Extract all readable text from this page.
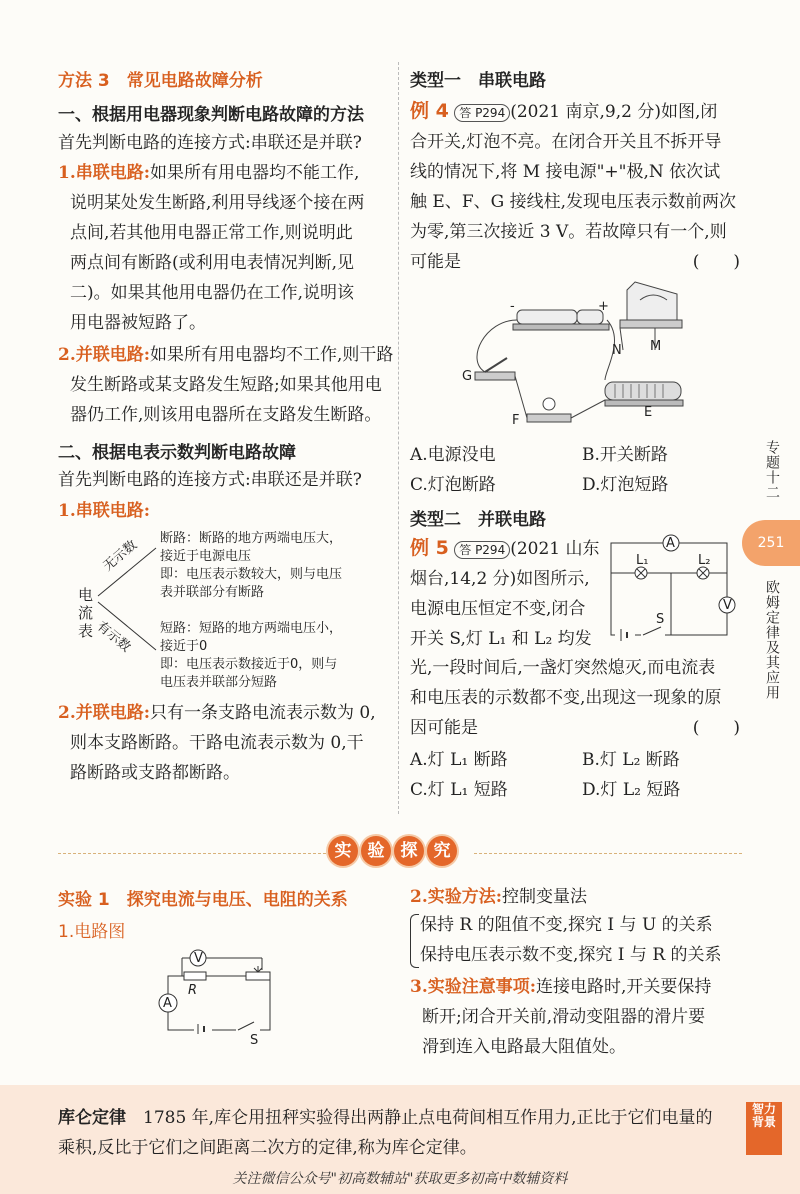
方法 3　常见电路故障分析
一、根据用电器现象判断电路故障的方法
首先判断电路的连接方式:串联还是并联?
1.串联电路:如果所有用电器均不能工作,
说明某处发生断路,利用导线逐个接在两
点间,若其他用电器正常工作,则说明此
两点间有断路(或利用电表情况判断,见
二)。如果其他用电器仍在工作,说明该
用电器被短路了。
2.并联电路:如果所有用电器均不工作,则干路
发生断路或某支路发生短路;如果其他用电
器仍工作,则该用电器所在支路发生断路。
二、根据电表示数判断电路故障
首先判断电路的连接方式:串联还是并联?
1.串联电路:
电流表
无示数
有示数
断路：断路的地方两端电压大，
接近于电源电压
即：电压表示数较大，则与电压
表并联部分有断路
短路：短路的地方两端电压小，
接近于0
即：电压表示数接近于0，则与
电压表并联部分短路
2.并联电路:只有一条支路电流表示数为 0,
则本支路断路。干路电流表示数为 0,干
路断路或支路都断路。
类型一　串联电路
例 4 答 P294 (2021 南京,9,2 分)如图,闭
合开关,灯泡不亮。在闭合开关且不拆开导
线的情况下,将 M 接电源"+"极,N 依次试
触 E、F、G 接线柱,发现电压表示数前两次
为零,第三次接近 3 V。若故障只有一个,则
可能是	(　　)
-	+
N M
G
F
E
A.电源没电	B.开关断路
C.灯泡断路	D.灯泡短路
类型二　并联电路
例 5 答 P294 (2021 山东
烟台,14,2 分)如图所示,
电源电压恒定不变,闭合
开关 S,灯 L₁ 和 L₂ 均发
光,一段时间后,一盏灯突然熄灭,而电流表
和电压表的示数都不变,出现这一现象的原
因可能是	(　　)
A
L₁	L₂
V
S
A.灯 L₁ 断路	B.灯 L₂ 断路
C.灯 L₁ 短路	D.灯 L₂ 短路
专题十二
251
欧姆定律及其应用
实 验 探 究
实验 1　探究电流与电压、电阻的关系
1.电路图
V
R
A
S
2.实验方法:控制变量法
保持 R 的阻值不变,探究 I 与 U 的关系
保持电压表示数不变,探究 I 与 R 的关系
3.实验注意事项:连接电路时,开关要保持
断开;闭合开关前,滑动变阻器的滑片要
滑到连入电路最大阻值处。
库仑定律　 1785 年,库仑用扭秤实验得出两静止点电荷间相互作用力,正比于它们电量的
乘积,反比于它们之间距离二次方的定律,称为库仑定律。
智力背景
关注微信公众号"初高数辅站"获取更多初高中数辅资料
